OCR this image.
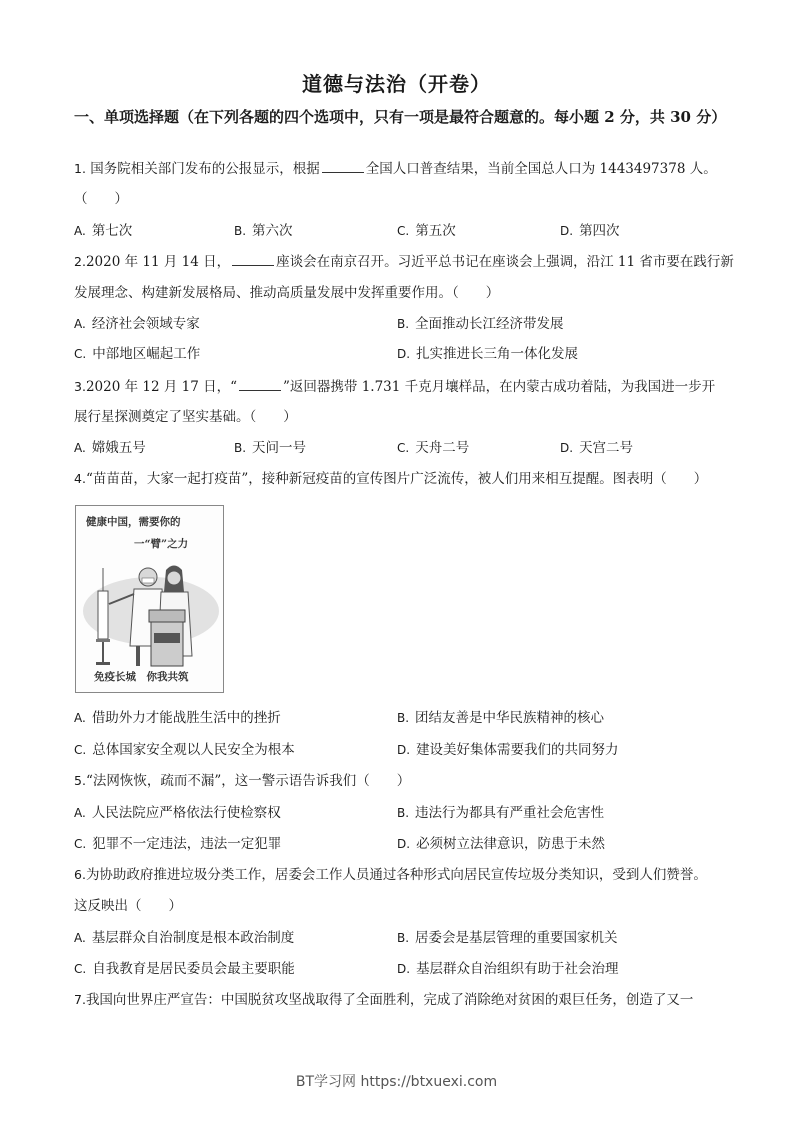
道德与法治（开卷）
一、单项选择题（在下列各题的四个选项中，只有一项是最符合题意的。每小题 2 分，共 30 分）
1. 国务院相关部门发布的公报显示，根据	全国人口普查结果，当前全国总人口为 1443497378 人。
（　　）
A. 第七次	B. 第六次	C. 第五次	D. 第四次
2.2020 年 11 月 14 日，	座谈会在南京召开。习近平总书记在座谈会上强调，沿江 11 省市要在践行新
发展理念、构建新发展格局、推动高质量发展中发挥重要作用。（　　）
A. 经济社会领域专家	B. 全面推动长江经济带发展
C. 中部地区崛起工作	D. 扎实推进长三角一体化发展
3.2020 年 12 月 17 日，“	”返回器携带 1.731 千克月壤样品，在内蒙古成功着陆，为我国进一步开
展行星探测奠定了坚实基础。（　　）
A. 嫦娥五号	B. 天问一号	C. 天舟二号	D. 天宫二号
4.“苗苗苗，大家一起打疫苗”，接种新冠疫苗的宣传图片广泛流传，被人们用来相互提醒。图表明（　　）
健康中国，需要你的
一“臂”之力
免疫长城　你我共筑
A. 借助外力才能战胜生活中的挫折	B. 团结友善是中华民族精神的核心
C. 总体国家安全观以人民安全为根本	D. 建设美好集体需要我们的共同努力
5.“法网恢恢，疏而不漏”，这一警示语告诉我们（　　）
A. 人民法院应严格依法行使检察权	B. 违法行为都具有严重社会危害性
C. 犯罪不一定违法，违法一定犯罪	D. 必须树立法律意识，防患于未然
6.为协助政府推进垃圾分类工作，居委会工作人员通过各种形式向居民宣传垃圾分类知识，受到人们赞誉。
这反映出（　　）
A. 基层群众自治制度是根本政治制度	B. 居委会是基层管理的重要国家机关
C. 自我教育是居民委员会最主要职能	D. 基层群众自治组织有助于社会治理
7.我国向世界庄严宣告：中国脱贫攻坚战取得了全面胜利，完成了消除绝对贫困的艰巨任务，创造了又一
BT学习网 https://btxuexi.com
